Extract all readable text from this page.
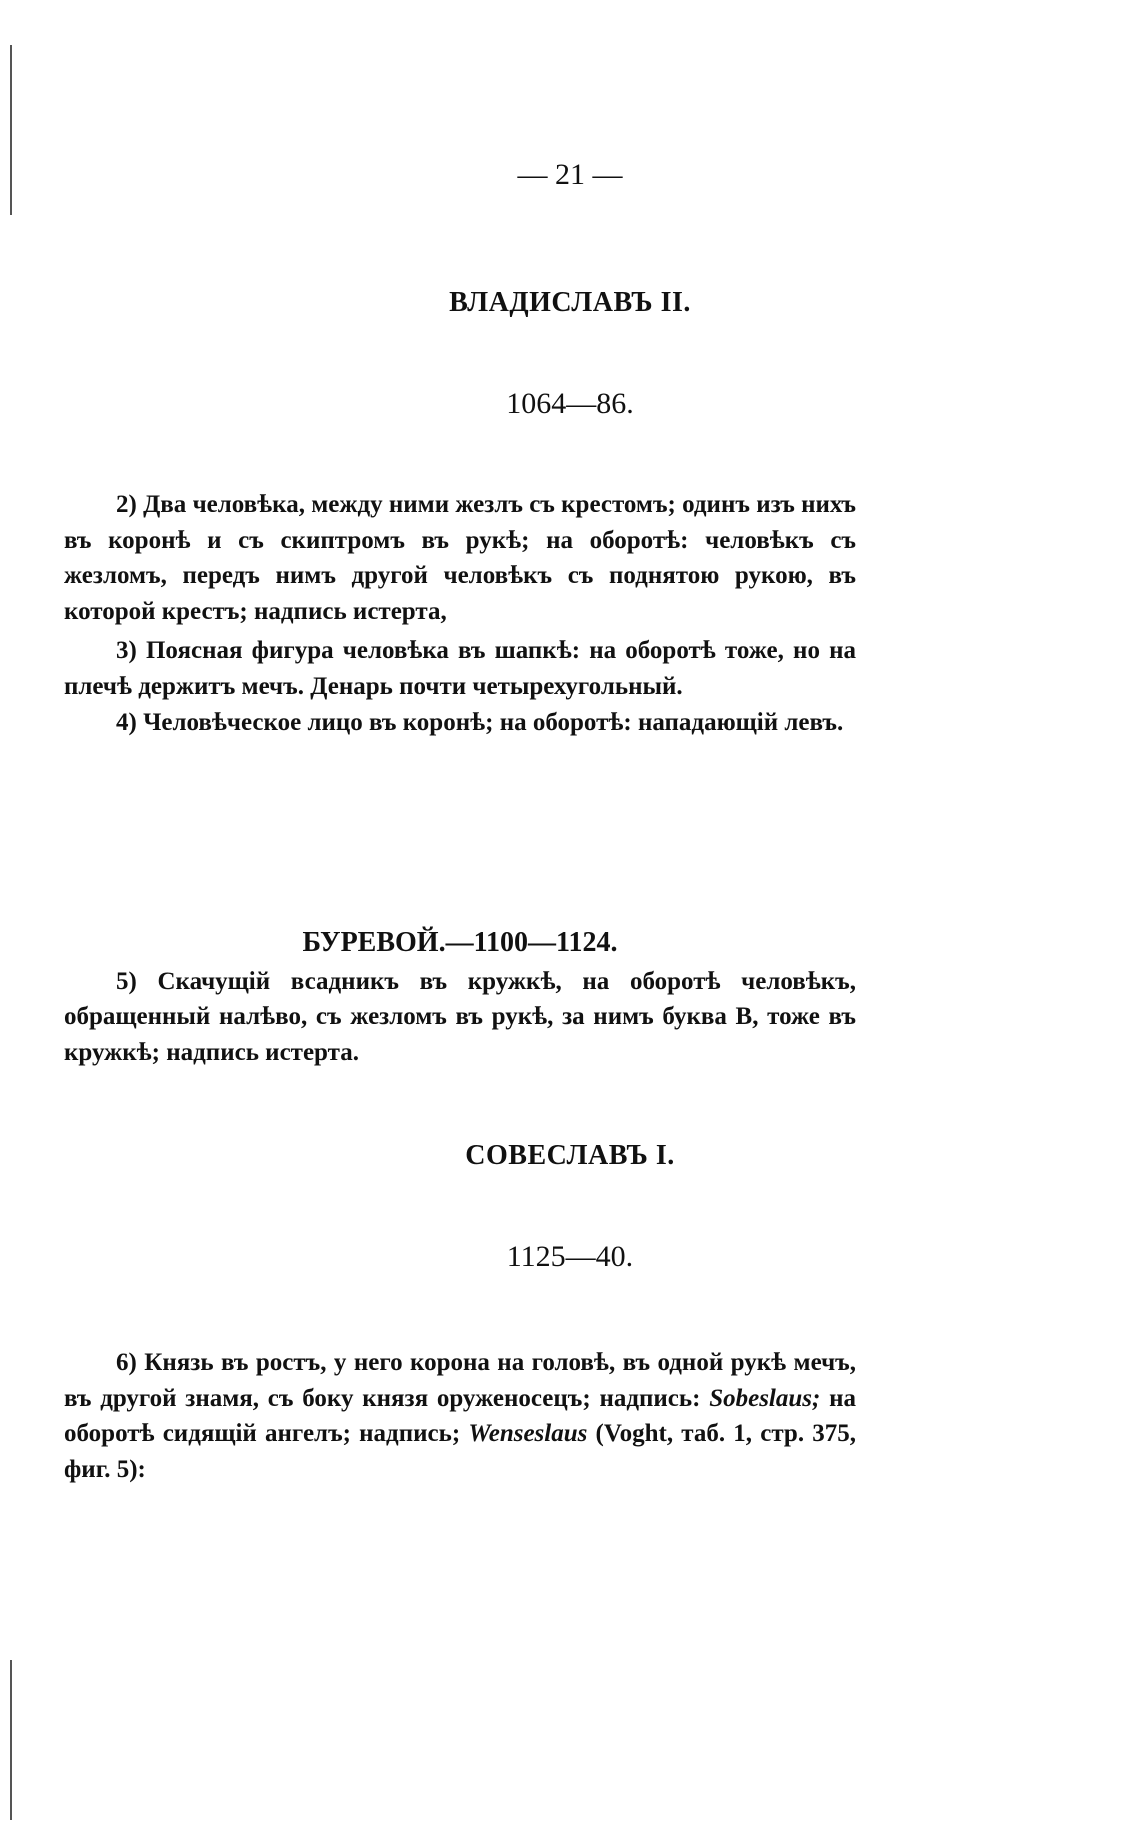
— 21 —
ВЛАДИСЛАВЪ II.
1064—86.

2) Два человѣка, между ними жезлъ съ крестомъ; одинъ изъ нихъ въ коронѣ и съ скиптромъ въ рукѣ; на оборотѣ: человѣкъ съ жезломъ, передъ нимъ другой человѣкъ съ поднятою рукою, въ которой крестъ; надпись истерта,

3) Поясная фигура человѣка въ шапкѣ: на оборотѣ тоже, но на плечѣ держитъ мечъ. Денарь почти четырехугольный.

4) Человѣческое лицо въ коронѣ; на оборотѣ: нападающій левъ.

БУРЕВОЙ.—1100—1124.

5) Скачущій всадникъ въ кружкѣ, на оборотѣ человѣкъ, обращенный налѣво, съ жезломъ въ рукѣ, за нимъ буква В, тоже въ кружкѣ; надпись истерта.

СОВЕСЛАВЪ I.
1125—40.

6) Князь въ ростъ, у него корона на головѣ, въ одной рукѣ мечъ, въ другой знамя, съ боку князя оруженосецъ; надпись: Sobeslaus; на оборотѣ сидящій ангелъ; надпись; Wenseslaus (Voght, таб. 1, стр. 375, фиг. 5):
